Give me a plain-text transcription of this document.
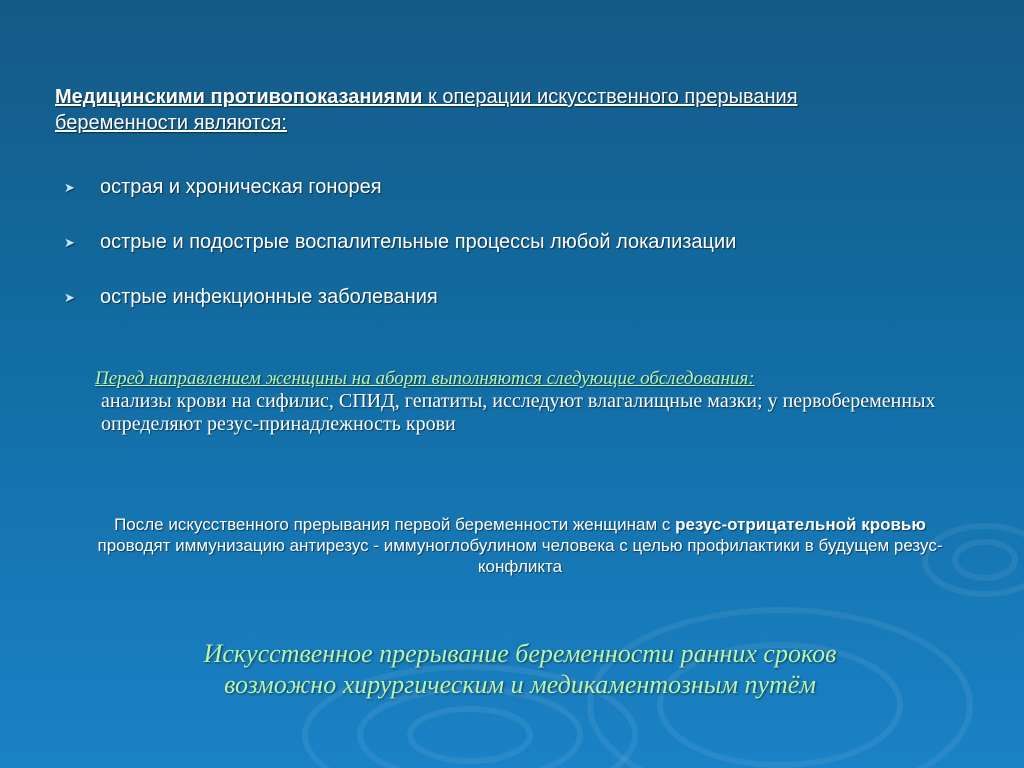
Медицинскими противопоказаниями к операции искусственного прерывания беременности являются:
➤ острая и хроническая гонорея
➤ острые и подострые воспалительные процессы любой локализации
➤ острые инфекционные заболевания
Перед направлением женщины на аборт выполняются следующие обследования:
анализы крови на сифилис, СПИД, гепатиты, исследуют влагалищные мазки; у первобеременных определяют резус-принадлежность крови
После искусственного прерывания первой беременности женщинам с резус-отрицательной кровью проводят иммунизацию антирезус - иммуноглобулином человека с целью профилактики в будущем резус-конфликта
Искусственное прерывание беременности ранних сроков
возможно хирургическим и медикаментозным путём
